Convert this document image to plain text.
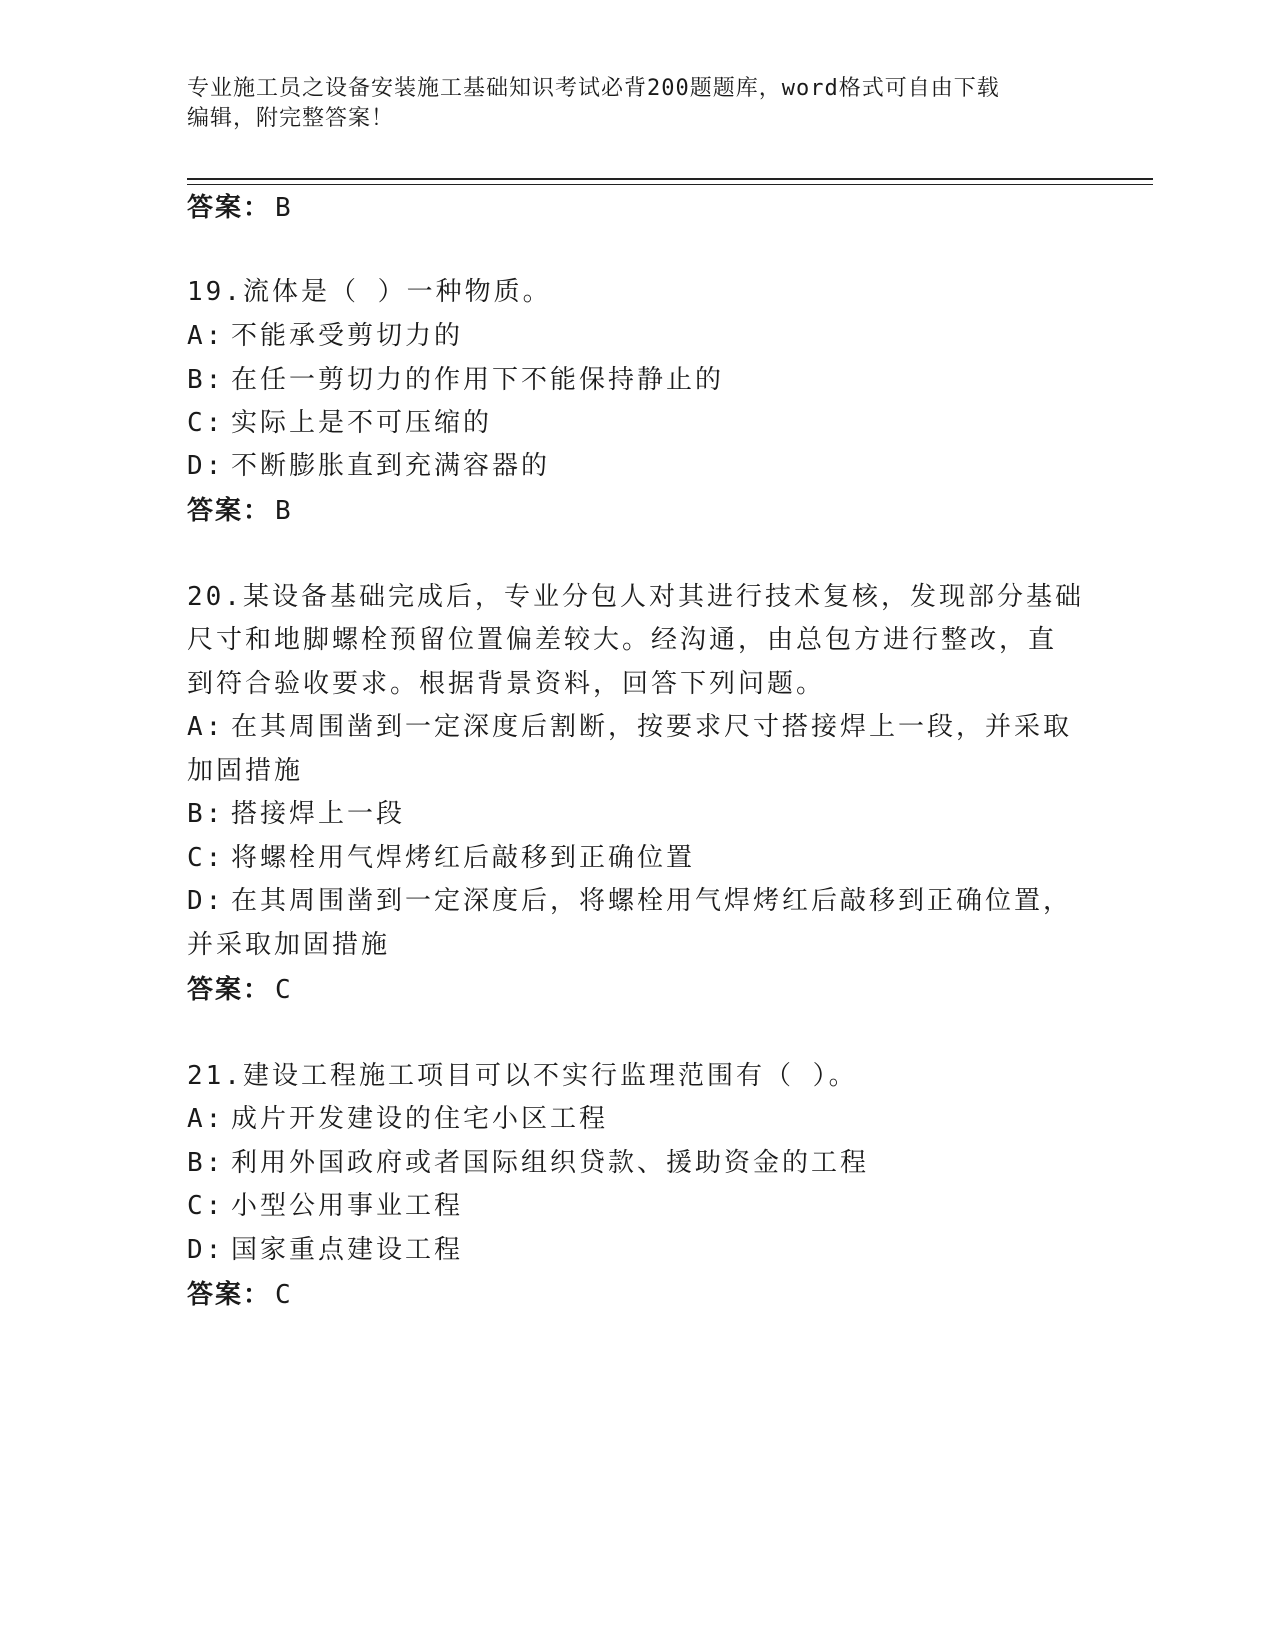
专业施工员之设备安装施工基础知识考试必背200题题库，word格式可自由下载
编辑，附完整答案！
答案： B
19.流体是（ ）一种物质。
A: 不能承受剪切力的
B: 在任一剪切力的作用下不能保持静止的
C: 实际上是不可压缩的
D: 不断膨胀直到充满容器的
答案： B
20.某设备基础完成后，专业分包人对其进行技术复核，发现部分基础
尺寸和地脚螺栓预留位置偏差较大。经沟通，由总包方进行整改，直
到符合验收要求。根据背景资料，回答下列问题。
A: 在其周围凿到一定深度后割断，按要求尺寸搭接焊上一段，并采取
加固措施
B: 搭接焊上一段
C: 将螺栓用气焊烤红后敲移到正确位置
D: 在其周围凿到一定深度后，将螺栓用气焊烤红后敲移到正确位置，
并采取加固措施
答案： C
21.建设工程施工项目可以不实行监理范围有（ ）。
A: 成片开发建设的住宅小区工程
B: 利用外国政府或者国际组织贷款、援助资金的工程
C: 小型公用事业工程
D: 国家重点建设工程
答案： C
